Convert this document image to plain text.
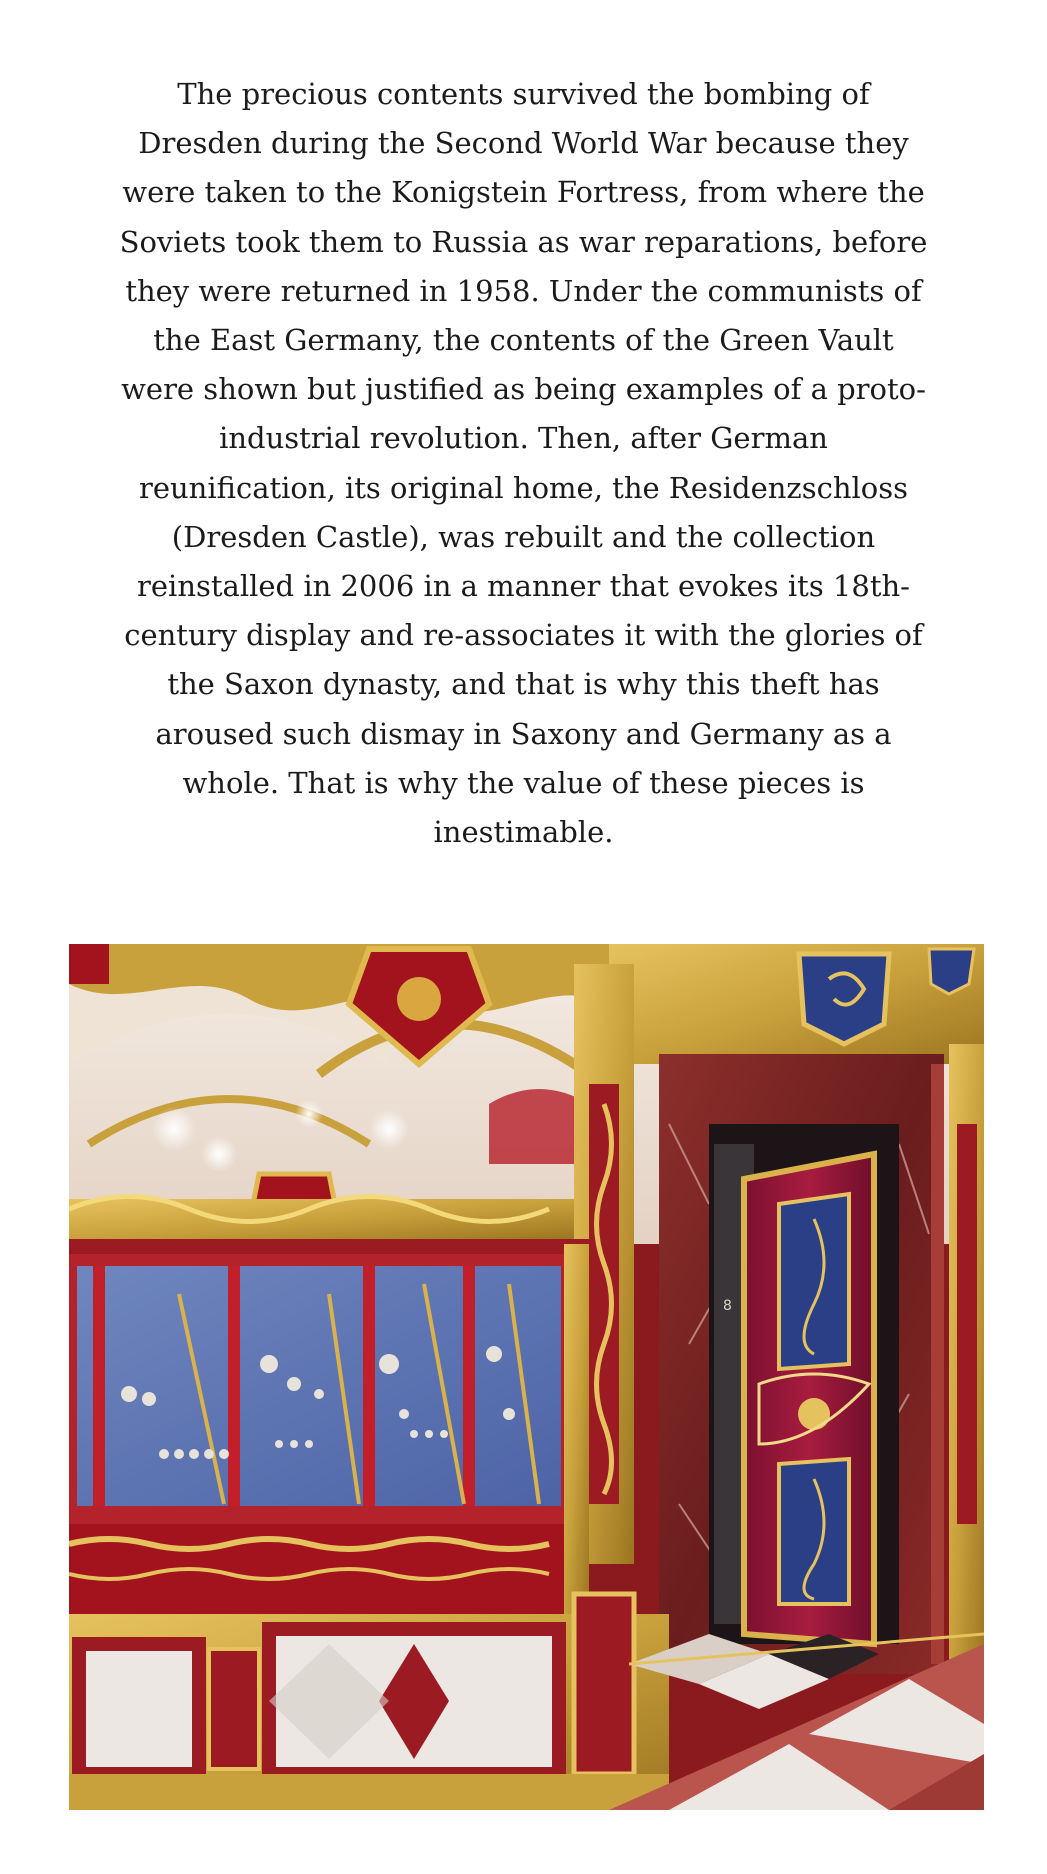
The precious contents survived the bombing of Dresden during the Second World War because they were taken to the Konigstein Fortress, from where the Soviets took them to Russia as war reparations, before they were returned in 1958. Under the communists of the East Germany, the contents of the Green Vault were shown but justified as being examples of a proto-industrial revolution. Then, after German reunification, its original home, the Residenzschloss (Dresden Castle), was rebuilt and the collection reinstalled in 2006 in a manner that evokes its 18th-century display and re-associates it with the glories of the Saxon dynasty, and that is why this theft has aroused such dismay in Saxony and Germany as a whole. That is why the value of these pieces is inestimable.

8
